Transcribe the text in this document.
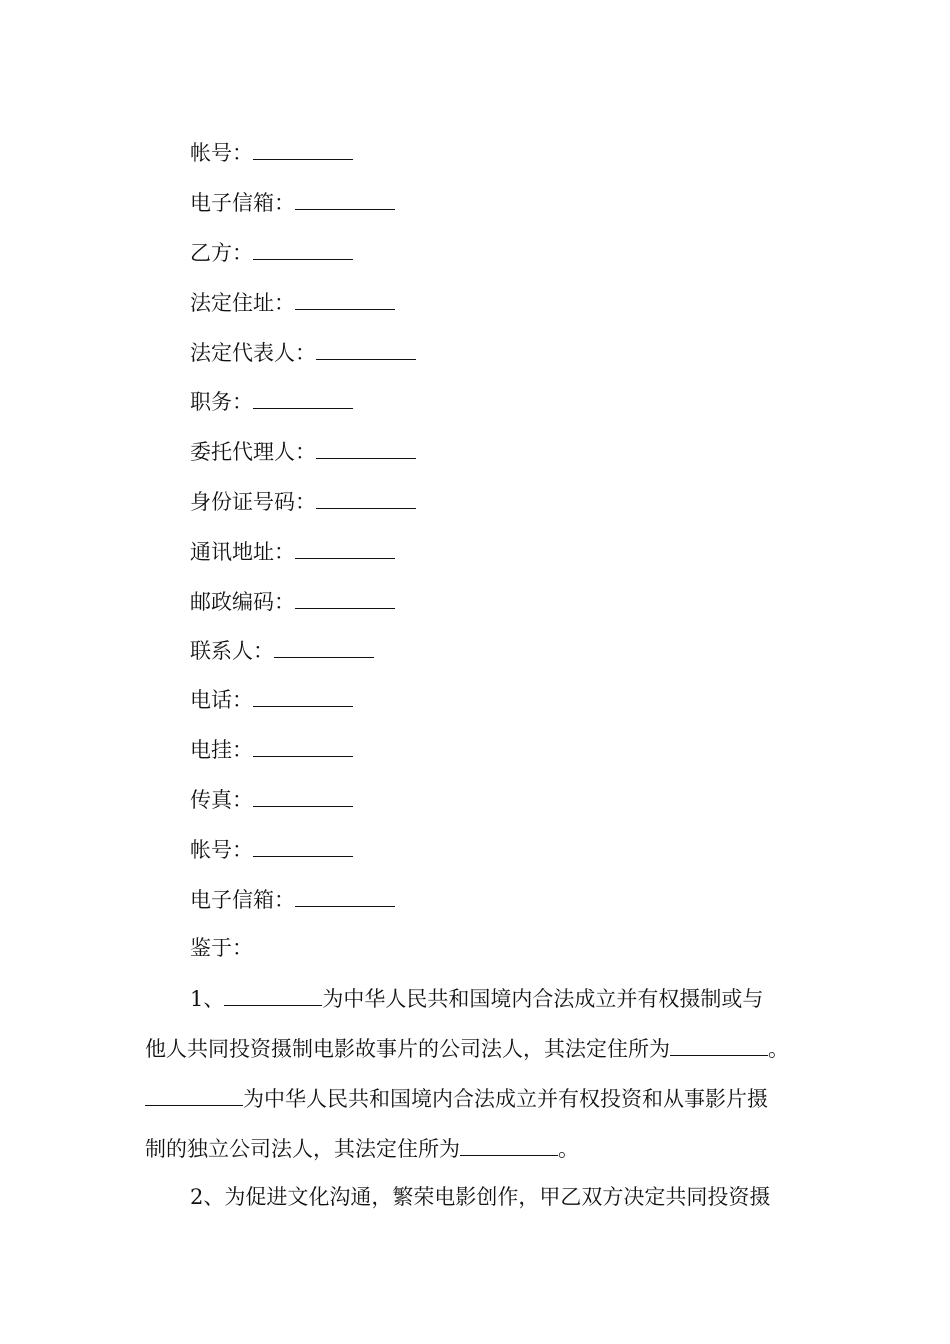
帐号：
电子信箱：
乙方：
法定住址：
法定代表人：
职务：
委托代理人：
身份证号码：
通讯地址：
邮政编码：
联系人：
电话：
电挂：
传真：
帐号：
电子信箱：
鉴于：
1、	为中华人民共和国境内合法成立并有权摄制或与
他人共同投资摄制电影故事片的公司法人，其法定住所为	。
为中华人民共和国境内合法成立并有权投资和从事影片摄
制的独立公司法人，其法定住所为	。
2、为促进文化沟通，繁荣电影创作，甲乙双方决定共同投资摄
